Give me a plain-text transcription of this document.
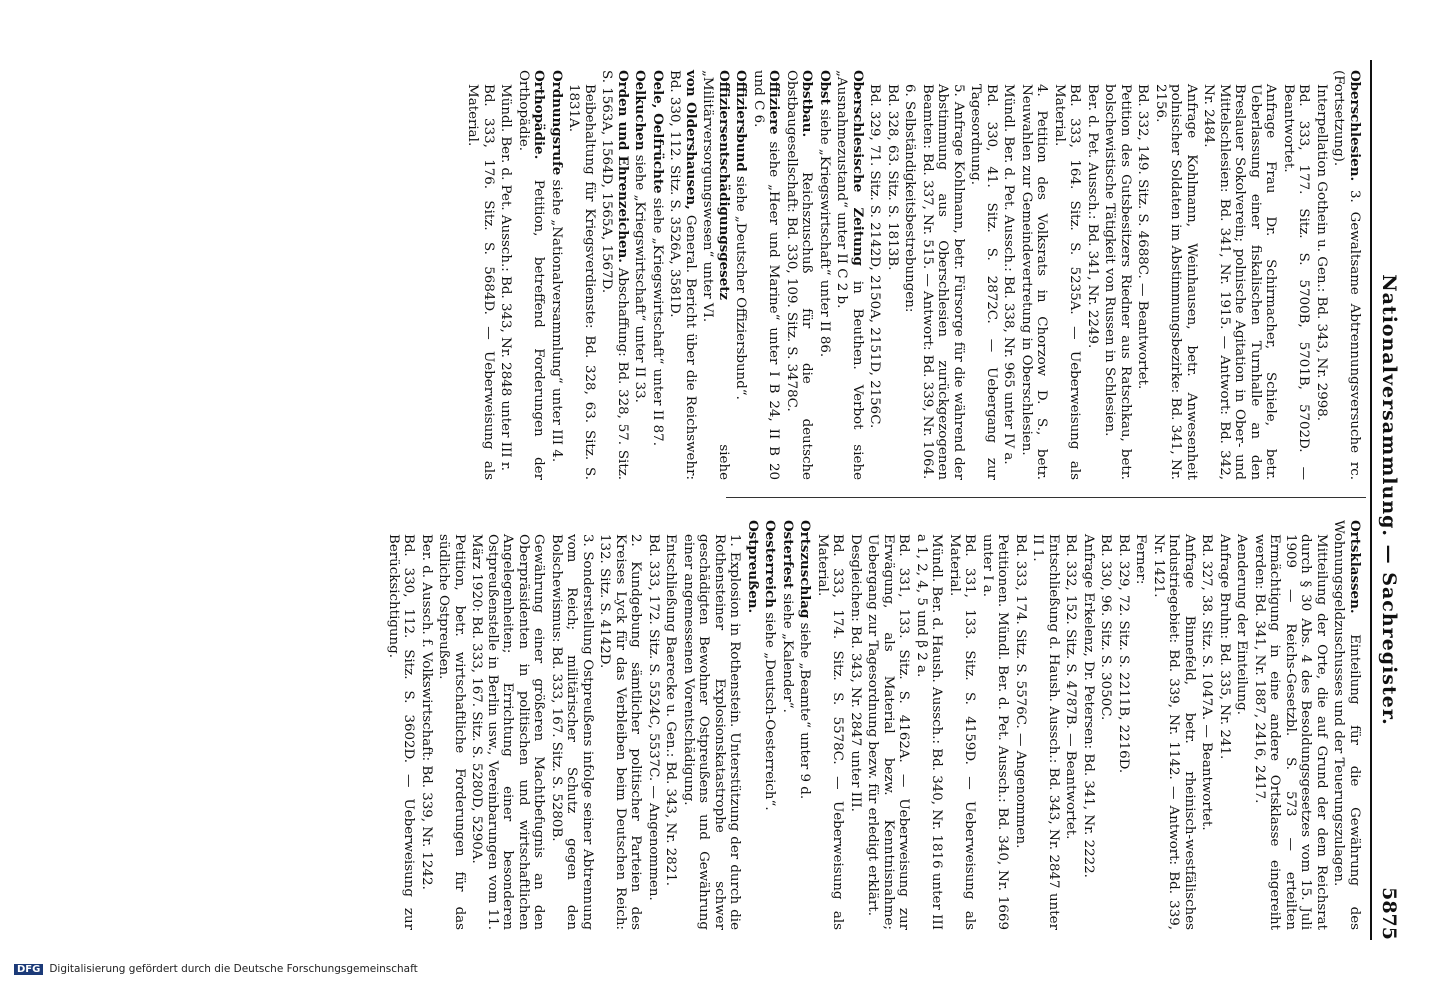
Nationalversammlung. — Sachregister.
5875

Oberschlesien. 3. Gewaltsame Abtrennungsversuche rc. (Fortsetzung).

Interpellation Gothein u. Gen.: Bd. 343, Nr. 2998.

Bd. 333, 177. Sitz. S. 5700B, 5701B, 5702D. — Beantwortet.

Anfrage Frau Dr. Schirmacher, Schiele, betr. Ueberlassung einer fiskalischen Turnhalle an den Breslauer Sokolverein; polnische Agitation in Ober- und Mittelschlesien: Bd. 341, Nr. 1915. — Antwort: Bd. 342, Nr. 2484.

Anfrage Kohlmann, Weinhausen, betr. Anwesenheit polnischer Soldaten im Abstimmungsbezirke: Bd. 341, Nr. 2156.

Bd. 332, 149. Sitz. S. 4688C. — Beantwortet.

Petition des Gutsbesitzers Riedner aus Ratschkau, betr. bolschewistische Tätigkeit von Russen in Schlesien.

Ber. d. Pet. Aussch.: Bd. 341, Nr. 2249.

Bd. 333, 164. Sitz. S. 5235A. — Ueberweisung als Material.

4. Petition des Volksrats in Chorzow D. S., betr. Neuwahlen zur Gemeindevertretung in Oberschlesien.

Mündl. Ber. d. Pet. Aussch.: Bd. 338, Nr. 965 unter IV a.

Bd. 330, 41. Sitz. S. 2872C. — Uebergang zur Tagesordnung.

5. Anfrage Kohlmann, betr. Fürsorge für die während der Abstimmung aus Oberschlesien zurückgezogenen Beamten: Bd. 337, Nr. 515. — Antwort: Bd. 339, Nr. 1064.

6. Selbständigkeitsbestrebungen:

Bd. 328, 63. Sitz. S. 1813B.

Bd. 329, 71. Sitz. S. 2142D, 2150A, 2151D, 2156C.

Oberschlesische Zeitung in Beuthen. Verbot siehe „Ausnahmezustand“ unter II C 2 b.

Obst siehe „Kriegswirtschaft“ unter II 86.

Obstbau. Reichszuschuß für die deutsche Obstbaugesellschaft: Bd. 330, 109. Sitz. S. 3478C.

Offiziere siehe „Heer und Marine“ unter I B 24, II B 20 und C 6.

Offiziersbund siehe „Deutscher Offiziersbund“.

Offiziersentschädigungsgesetz siehe „Militärversorgungswesen“ unter VI.

von Oldershausen, General. Bericht über die Reichswehr: Bd. 330, 112. Sitz. S. 3526A, 3581D.

Oele, Oelfrüchte siehe „Kriegswirtschaft“ unter II 87.

Oelkuchen siehe „Kriegswirtschaft“ unter II 33.

Orden und Ehrenzeichen. Abschaffung: Bd. 328, 57. Sitz. S. 1563A, 1564D, 1565A, 1567D.

Beibehaltung für Kriegsverdienste: Bd. 328, 63. Sitz. S. 1831A.

Ordnungsrufe siehe „Nationalversammlung“ unter III 4.

Orthopädie. Petition, betreffend Forderungen der Orthopädie.

Mündl. Ber. d. Pet. Aussch.: Bd. 343, Nr. 2848 unter III r.

Bd. 333, 176. Sitz. S. 5684D. — Ueberweisung als Material.

Ortsklassen. Einteilung für die Gewährung des Wohnungsgeldzuschusses und der Teuerungszulagen.

Mitteilung der Orte, die auf Grund der dem Reichsrat durch § 30 Abs. 4 des Besoldungsgesetzes vom 15. Juli 1909 — Reichs-Gesetzbl. S. 573 — erteilten Ermächtigung in eine andere Ortsklasse eingereiht werden: Bd. 341, Nr. 1887, 2416, 2417.

Aenderung der Einteilung.

Anfrage Bruhn: Bd. 335, Nr. 241.

Bd. 327, 38. Sitz. S. 1047A. — Beantwortet.

Anfrage Binnefeld, betr. rheinisch-westfälisches Industriegebiet: Bd. 339, Nr. 1142. — Antwort: Bd. 339, Nr. 1421.

Ferner:

Bd. 329, 72. Sitz. S. 2211B, 2216D.

Bd. 330, 96. Sitz. S. 3050C.

Anfrage Erkelenz, Dr. Petersen: Bd. 341, Nr. 2222.

Bd. 332, 152. Sitz. S. 4787B. — Beantwortet.

Entschließung d. Haush. Aussch.: Bd. 343, Nr. 2847 unter II 1.

Bd. 333, 174. Sitz. S. 5576C. — Angenommen.

Petitionen. Mündl. Ber. d. Pet. Aussch.: Bd. 340, Nr. 1669 unter I a.

Bd. 331, 133. Sitz. S. 4159D. — Ueberweisung als Material.

Mündl. Ber. d. Haush. Aussch.: Bd. 340, Nr. 1816 unter III a 1, 2, 4, 5 und β 2 a.

Bd. 331, 133. Sitz. S. 4162A. — Ueberweisung zur Erwägung, als Material bezw. Kenntnisnahme; Uebergang zur Tagesordnung bezw. für erledigt erklärt.

Desgleichen: Bd. 343, Nr. 2847 unter III.

Bd. 333, 174. Sitz. S. 5578C. — Ueberweisung als Material.

Ortszuschlag siehe „Beamte“ unter 9 d.

Osterfest siehe „Kalender“.

Oesterreich siehe „Deutsch-Oesterreich“.

Ostpreußen.

1. Explosion in Rothenstein. Unterstützung der durch die Rothensteiner Explosionskatastrophe schwer geschädigten Bewohner Ostpreußens und Gewährung einer angemessenen Vorentschädigung.

Entschließung Baerecke u. Gen.: Bd. 343, Nr. 2821.

Bd. 333, 172. Sitz. S. 5524C, 5537C. — Angenommen.

2. Kundgebung sämtlicher politischer Parteien des Kreises Lyck für das Verbleiben beim Deutschen Reich: 132. Sitz. S. 4142D.

3. Sonderstellung Ostpreußens infolge seiner Abtrennung vom Reich; militärischer Schutz gegen den Bolschewismus: Bd. 333, 167. Sitz. S. 5280B.

Gewährung einer größeren Machtbefugnis an den Oberpräsidenten in politischen und wirtschaftlichen Angelegenheiten; Errichtung einer besonderen Ostpreußenstelle in Berlin usw., Vereinbarungen vom 11. März 1920: Bd. 333, 167. Sitz. S. 5280D, 5290A.

Petition, betr. wirtschaftliche Forderungen für das südliche Ostpreußen.

Ber. d. Aussch. f. Volkswirtschaft: Bd. 339, Nr. 1242.

Bd. 330, 112. Sitz. S. 3602D. — Ueberweisung zur Berücksichtigung.

DFG Digitalisierung gefördert durch die Deutsche Forschungsgemeinschaft
